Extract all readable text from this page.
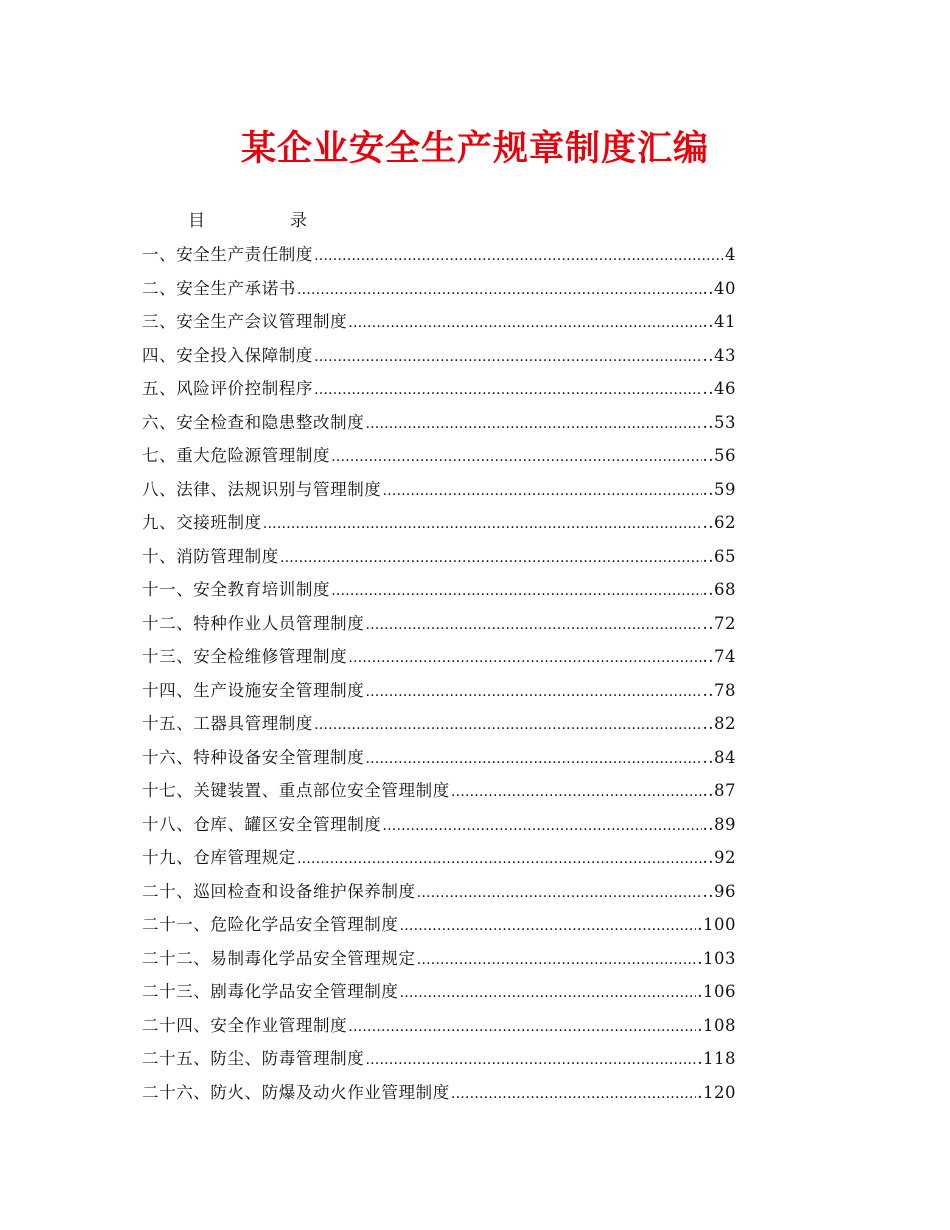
某企业安全生产规章制度汇编
目	录
一、安全生产责任制度 …………………………………………………………………………………………………………………………………………………………………………………………………………	4
二、安全生产承诺书 …………………………………………………………………………………………………………………………………………………………………………………………………………	..40
三、安全生产会议管理制度 …………………………………………………………………………………………………………………………………………………………………………………………………………	..41
四、安全投入保障制度 …………………………………………………………………………………………………………………………………………………………………………………………………………	..43
五、风险评价控制程序 …………………………………………………………………………………………………………………………………………………………………………………………………………	..46
六、安全检查和隐患整改制度 …………………………………………………………………………………………………………………………………………………………………………………………………………	..53
七、重大危险源管理制度 …………………………………………………………………………………………………………………………………………………………………………………………………………	..56
八、法律、法规识别与管理制度 …………………………………………………………………………………………………………………………………………………………………………………………………………	..59
九、交接班制度 …………………………………………………………………………………………………………………………………………………………………………………………………………	..62
十、消防管理制度 …………………………………………………………………………………………………………………………………………………………………………………………………………	..65
十一、安全教育培训制度 …………………………………………………………………………………………………………………………………………………………………………………………………………	..68
十二、特种作业人员管理制度 …………………………………………………………………………………………………………………………………………………………………………………………………………	..72
十三、安全检维修管理制度 …………………………………………………………………………………………………………………………………………………………………………………………………………	..74
十四、生产设施安全管理制度 …………………………………………………………………………………………………………………………………………………………………………………………………………	..78
十五、工器具管理制度 …………………………………………………………………………………………………………………………………………………………………………………………………………	..82
十六、特种设备安全管理制度 …………………………………………………………………………………………………………………………………………………………………………………………………………	..84
十七、关键装置、重点部位安全管理制度 …………………………………………………………………………………………………………………………………………………………………………………………………………	..87
十八、仓库、罐区安全管理制度 …………………………………………………………………………………………………………………………………………………………………………………………………………	..89
十九、仓库管理规定 …………………………………………………………………………………………………………………………………………………………………………………………………………	..92
二十、巡回检查和设备维护保养制度 …………………………………………………………………………………………………………………………………………………………………………………………………………	..96
二十一、危险化学品安全管理制度 …………………………………………………………………………………………………………………………………………………………………………………………………………	.100
二十二、易制毒化学品安全管理规定 …………………………………………………………………………………………………………………………………………………………………………………………………………	.103
二十三、剧毒化学品安全管理制度 …………………………………………………………………………………………………………………………………………………………………………………………………………	.106
二十四、安全作业管理制度 …………………………………………………………………………………………………………………………………………………………………………………………………………	.108
二十五、防尘、防毒管理制度 …………………………………………………………………………………………………………………………………………………………………………………………………………	.118
二十六、防火、防爆及动火作业管理制度 …………………………………………………………………………………………………………………………………………………………………………………………………………	.120
